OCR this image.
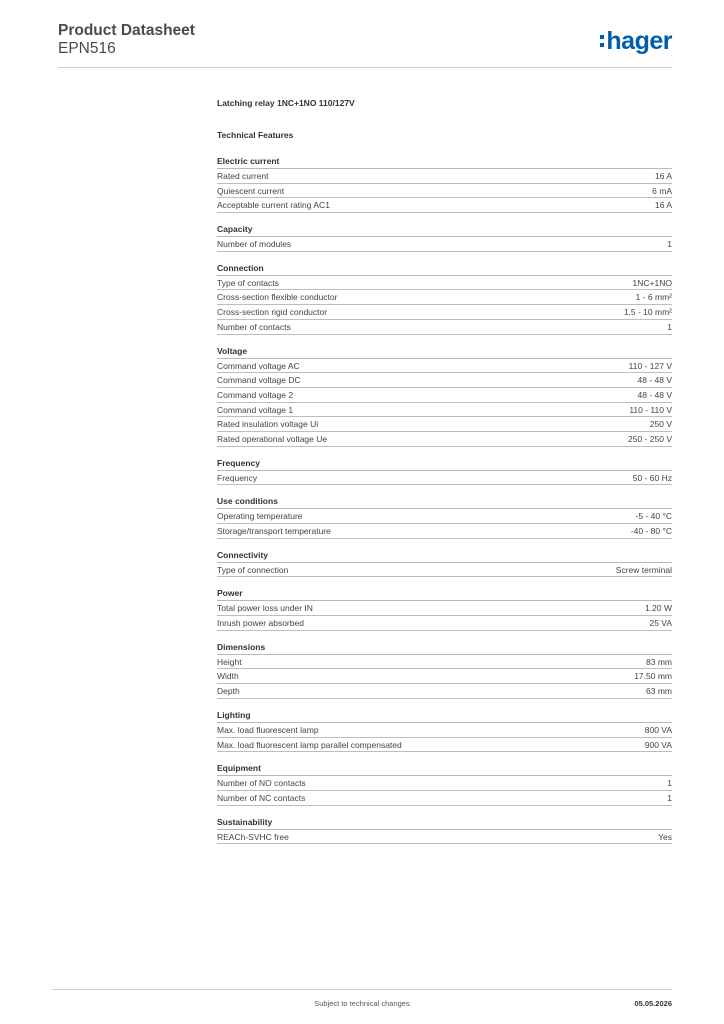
Product Datasheet
EPN516	hager
Latching relay 1NC+1NO 110/127V
Technical Features
Electric current
Rated current	16 A
Quiescent current	6 mA
Acceptable current rating AC1	16 A
Capacity
Number of modules	1
Connection
Type of contacts	1NC+1NO
Cross-section flexible conductor	1 - 6 mm²
Cross-section rigid conductor	1.5 - 10 mm²
Number of contacts	1
Voltage
Command voltage AC	110 - 127 V
Command voltage DC	48 - 48 V
Command voltage 2	48 - 48 V
Command voltage 1	110 - 110 V
Rated insulation voltage Ui	250 V
Rated operational voltage Ue	250 - 250 V
Frequency
Frequency	50 - 60 Hz
Use conditions
Operating temperature	-5 - 40 °C
Storage/transport temperature	-40 - 80 °C
Connectivity
Type of connection	Screw terminal
Power
Total power loss under IN	1.20 W
Inrush power absorbed	25 VA
Dimensions
Height	83 mm
Width	17.50 mm
Depth	63 mm
Lighting
Max. load fluorescent lamp	800 VA
Max. load fluorescent lamp parallel compensated	900 VA
Equipment
Number of NO contacts	1
Number of NC contacts	1
Sustainability
REACh-SVHC free	Yes
Subject to technical changes	05.05.2026
